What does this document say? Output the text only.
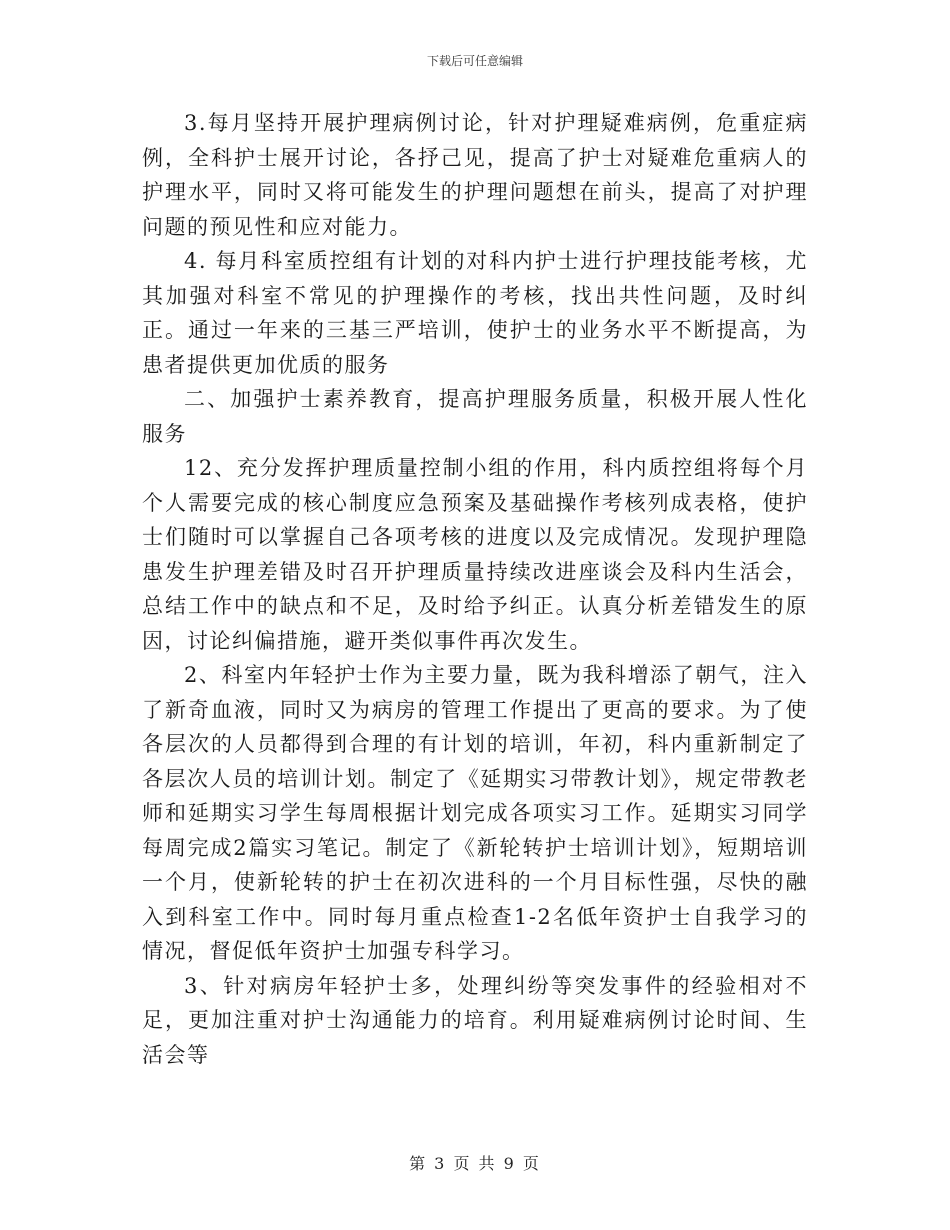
下载后可任意编辑

3.每月坚持开展护理病例讨论，针对护理疑难病例，危重症病例，全科护士展开讨论，各抒己见，提高了护士对疑难危重病人的护理水平，同时又将可能发生的护理问题想在前头，提高了对护理问题的预见性和应对能力。

4. 每月科室质控组有计划的对科内护士进行护理技能考核，尤其加强对科室不常见的护理操作的考核，找出共性问题，及时纠正。通过一年来的三基三严培训，使护士的业务水平不断提高，为患者提供更加优质的服务

二、加强护士素养教育，提高护理服务质量，积极开展人性化服务

12、充分发挥护理质量控制小组的作用，科内质控组将每个月个人需要完成的核心制度应急预案及基础操作考核列成表格，使护士们随时可以掌握自己各项考核的进度以及完成情况。发现护理隐患发生护理差错及时召开护理质量持续改进座谈会及科内生活会，总结工作中的缺点和不足，及时给予纠正。认真分析差错发生的原因，讨论纠偏措施，避开类似事件再次发生。

2、科室内年轻护士作为主要力量，既为我科增添了朝气，注入了新奇血液，同时又为病房的管理工作提出了更高的要求。为了使各层次的人员都得到合理的有计划的培训，年初，科内重新制定了各层次人员的培训计划。制定了《延期实习带教计划》，规定带教老师和延期实习学生每周根据计划完成各项实习工作。延期实习同学每周完成2篇实习笔记。制定了《新轮转护士培训计划》，短期培训一个月，使新轮转的护士在初次进科的一个月目标性强，尽快的融入到科室工作中。同时每月重点检查1-2名低年资护士自我学习的情况，督促低年资护士加强专科学习。

3、针对病房年轻护士多，处理纠纷等突发事件的经验相对不足，更加注重对护士沟通能力的培育。利用疑难病例讨论时间、生活会等

第 3 页 共 9 页
